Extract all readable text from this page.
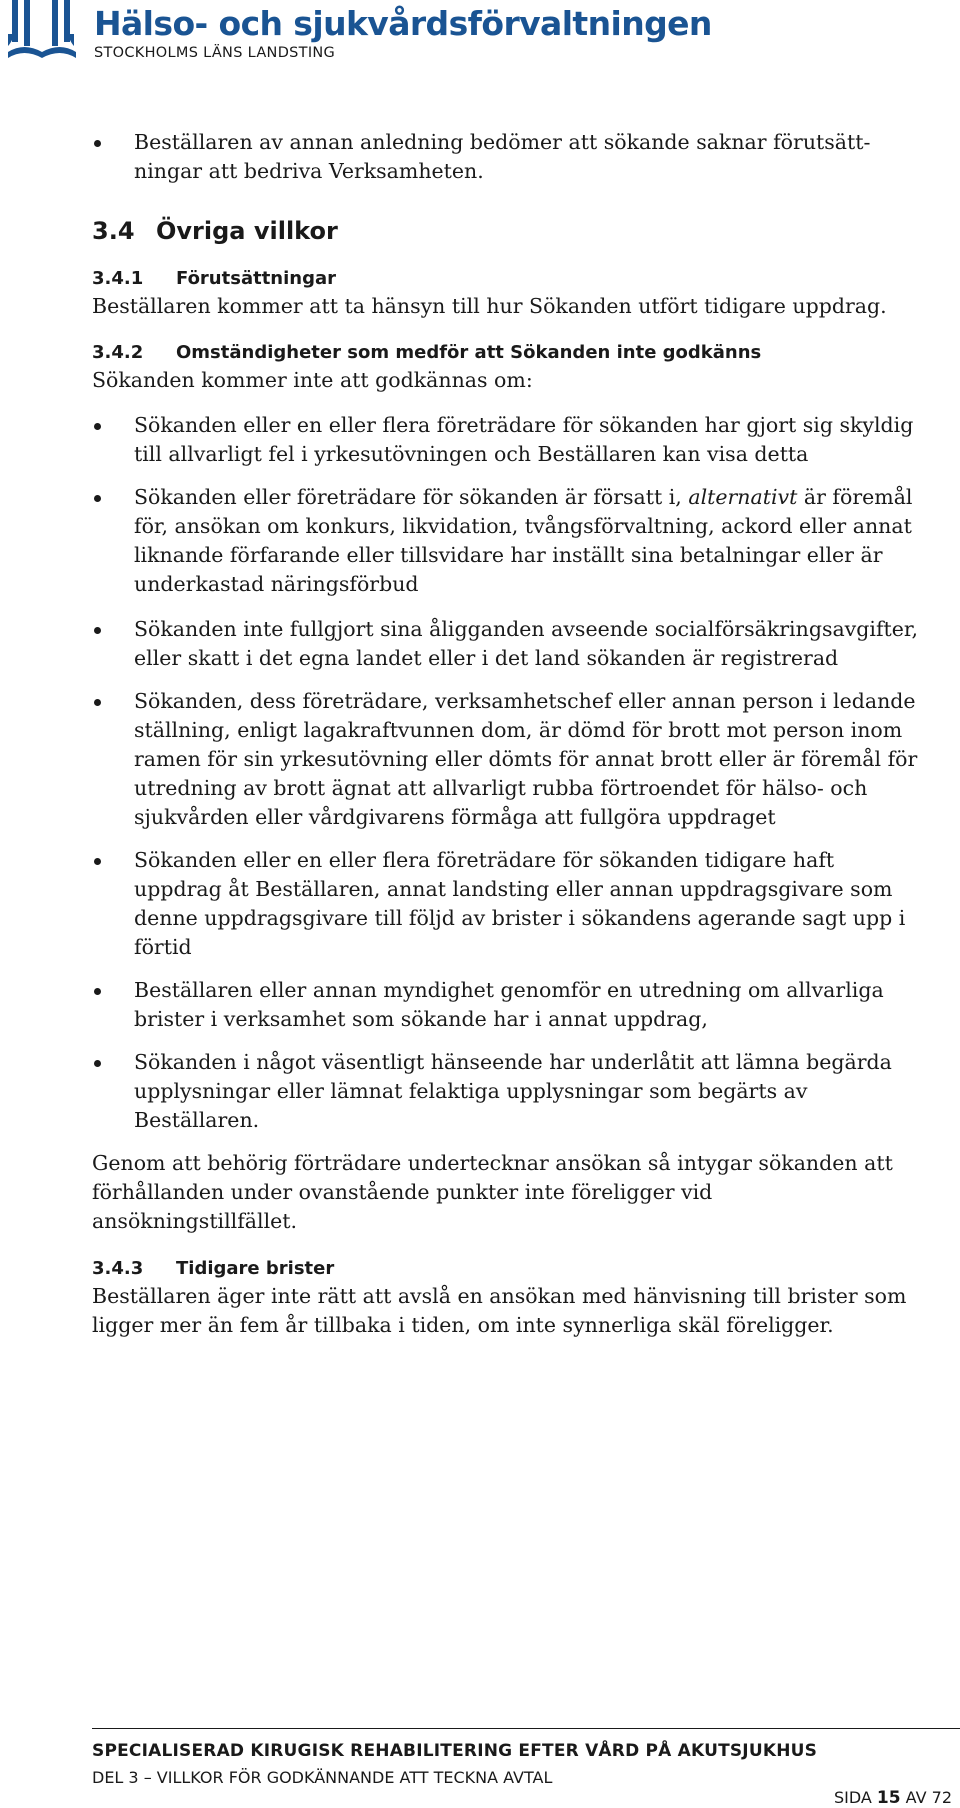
Hälso- och sjukvårdsförvaltningen
STOCKHOLMS LÄNS LANDSTING
Beställaren av annan anledning bedömer att sökande saknar förutsätt-ningar att bedriva Verksamheten.
3.4 Övriga villkor
3.4.1	Förutsättningar

Beställaren kommer att ta hänsyn till hur Sökanden utfört tidigare uppdrag.

3.4.2	Omständigheter som medför att Sökanden inte godkänns

Sökanden kommer inte att godkännas om:

Sökanden eller en eller flera företrädare för sökanden har gjort sig skyldig till allvarligt fel i yrkesutövningen och Beställaren kan visa detta
Sökanden eller företrädare för sökanden är försatt i, alternativt är föremål för, ansökan om konkurs, likvidation, tvångsförvaltning, ackord eller annat liknande förfarande eller tillsvidare har inställt sina betalningar eller är underkastad näringsförbud
Sökanden inte fullgjort sina åligganden avseende socialförsäkringsavgifter, eller skatt i det egna landet eller i det land sökanden är registrerad
Sökanden, dess företrädare, verksamhetschef eller annan person i ledande ställning, enligt lagakraftvunnen dom, är dömd för brott mot person inom ramen för sin yrkesutövning eller dömts för annat brott eller är föremål för utredning av brott ägnat att allvarligt rubba förtroendet för hälso- och sjukvården eller vårdgivarens förmåga att fullgöra uppdraget
Sökanden eller en eller flera företrädare för sökanden tidigare haft uppdrag åt Beställaren, annat landsting eller annan uppdragsgivare som denne uppdragsgivare till följd av brister i sökandens agerande sagt upp i förtid
Beställaren eller annan myndighet genomför en utredning om allvarliga brister i verksamhet som sökande har i annat uppdrag,
Sökanden i något väsentligt hänseende har underlåtit att lämna begärda upplysningar eller lämnat felaktiga upplysningar som begärts av Beställaren.

Genom att behörig förträdare undertecknar ansökan så intygar sökanden att förhållanden under ovanstående punkter inte föreligger vid ansökningstillfället.

3.4.3	Tidigare brister

Beställaren äger inte rätt att avslå en ansökan med hänvisning till brister som ligger mer än fem år tillbaka i tiden, om inte synnerliga skäl föreligger.

SPECIALISERAD KIRUGISK REHABILITERING EFTER VÅRD PÅ AKUTSJUKHUS
DEL 3 – VILLKOR FÖR GODKÄNNANDE ATT TECKNA AVTAL
SIDA 15 AV 72
